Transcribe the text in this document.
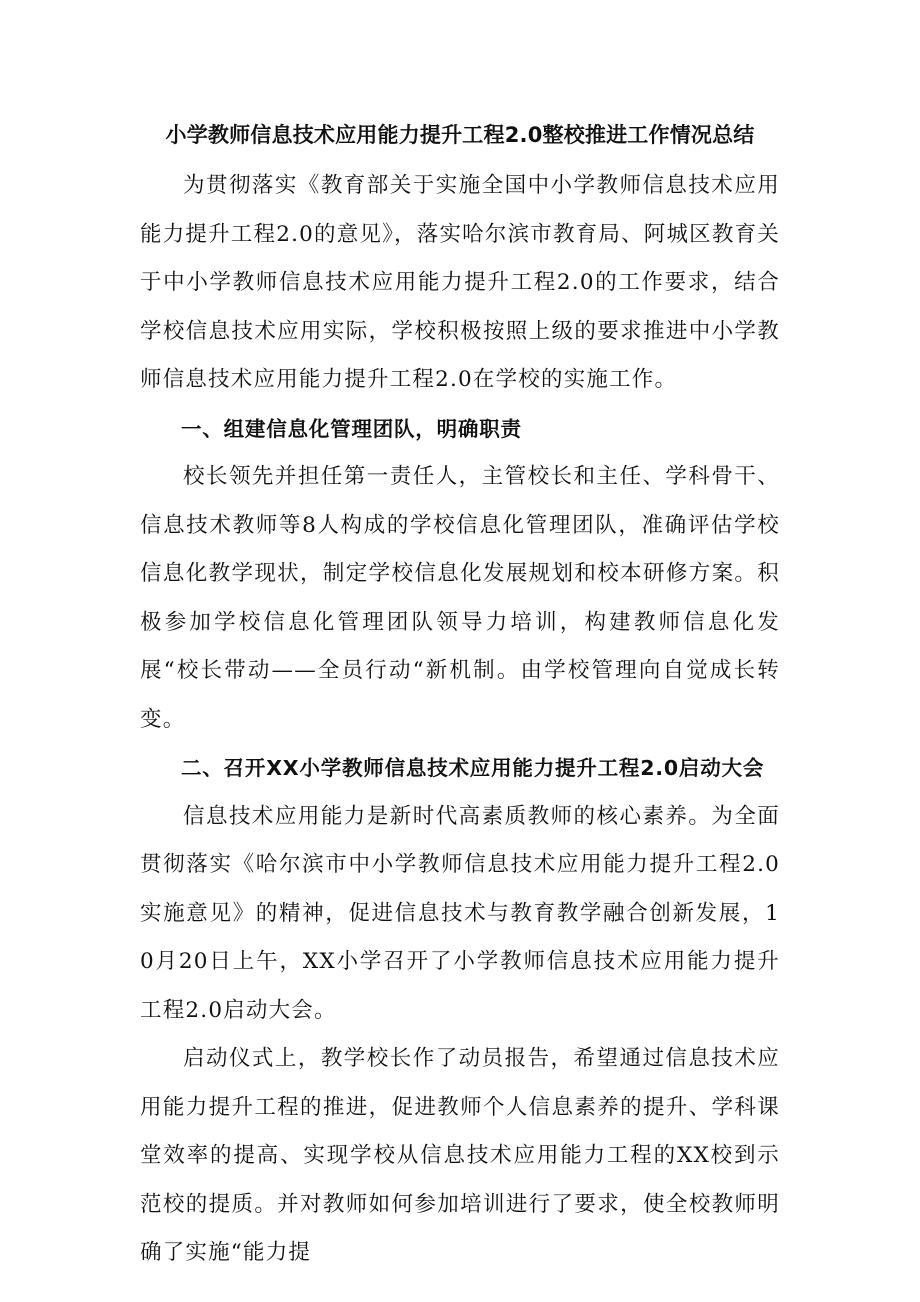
小学教师信息技术应用能力提升工程2.0整校推进工作情况总结

为贯彻落实《教育部关于实施全国中小学教师信息技术应用能力提升工程2.0的意见》，落实哈尔滨市教育局、阿城区教育关于中小学教师信息技术应用能力提升工程2.0的工作要求，结合学校信息技术应用实际，学校积极按照上级的要求推进中小学教师信息技术应用能力提升工程2.0在学校的实施工作。

一、组建信息化管理团队，明确职责

校长领先并担任第一责任人，主管校长和主任、学科骨干、信息技术教师等8人构成的学校信息化管理团队，准确评估学校信息化教学现状，制定学校信息化发展规划和校本研修方案。积极参加学校信息化管理团队领导力培训，构建教师信息化发展“校长带动——全员行动“新机制。由学校管理向自觉成长转变。

二、召开XX小学教师信息技术应用能力提升工程2.0启动大会

信息技术应用能力是新时代高素质教师的核心素养。为全面贯彻落实《哈尔滨市中小学教师信息技术应用能力提升工程2.0实施意见》的精神，促进信息技术与教育教学融合创新发展，10月20日上午，XX小学召开了小学教师信息技术应用能力提升工程2.0启动大会。

启动仪式上，教学校长作了动员报告，希望通过信息技术应用能力提升工程的推进，促进教师个人信息素养的提升、学科课堂效率的提高、实现学校从信息技术应用能力工程的XX校到示范校的提质。并对教师如何参加培训进行了要求，使全校教师明确了实施“能力提
